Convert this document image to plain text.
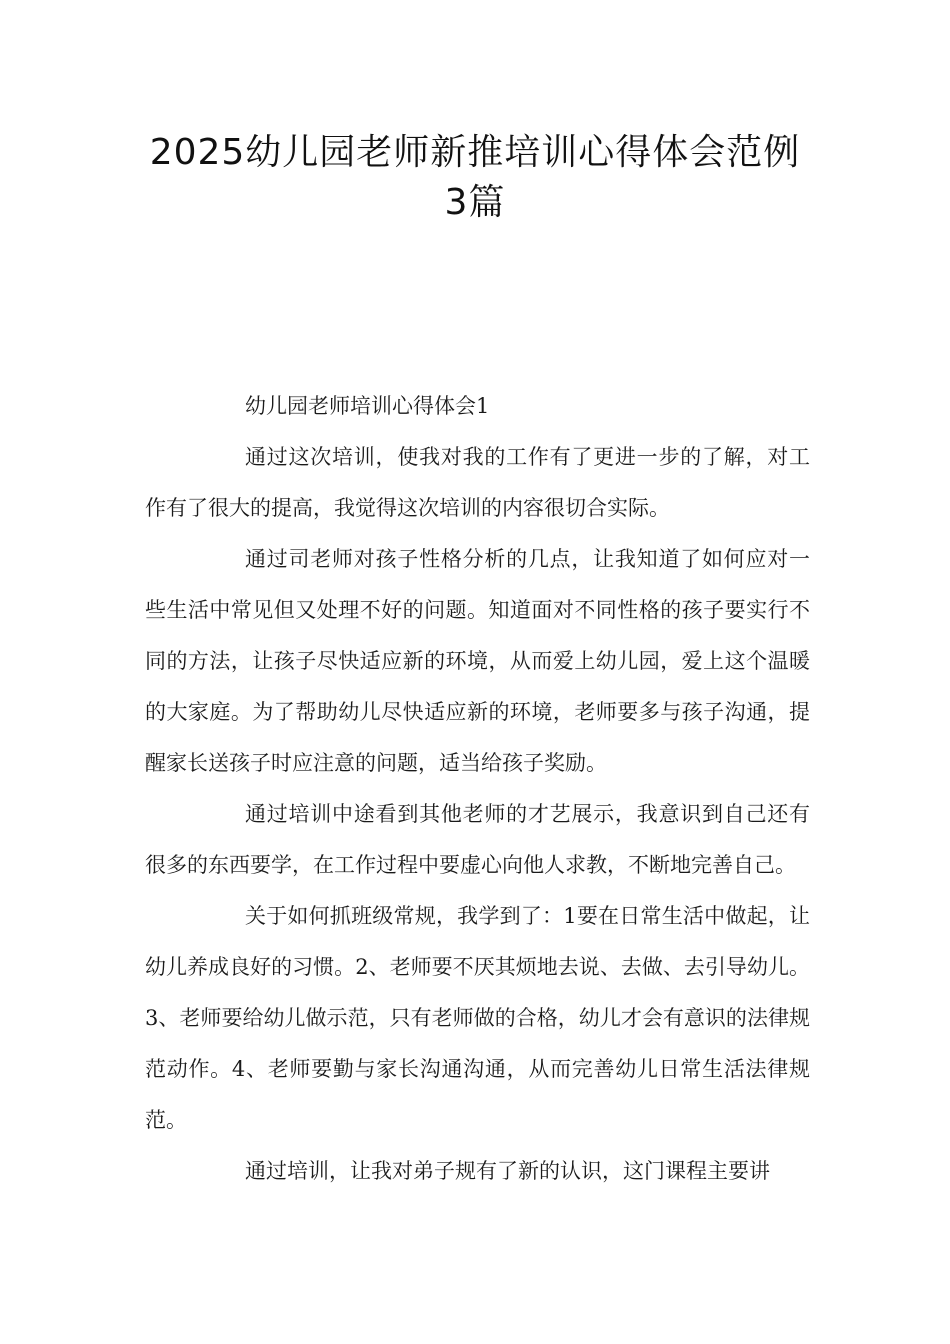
2025幼儿园老师新推培训心得体会范例
3篇

幼儿园老师培训心得体会1

通过这次培训，使我对我的工作有了更进一步的了解，对工作有了很大的提高，我觉得这次培训的内容很切合实际。

通过司老师对孩子性格分析的几点，让我知道了如何应对一些生活中常见但又处理不好的问题。知道面对不同性格的孩子要实行不同的方法，让孩子尽快适应新的环境，从而爱上幼儿园，爱上这个温暖的大家庭。为了帮助幼儿尽快适应新的环境，老师要多与孩子沟通，提醒家长送孩子时应注意的问题，适当给孩子奖励。

通过培训中途看到其他老师的才艺展示，我意识到自己还有很多的东西要学，在工作过程中要虚心向他人求教，不断地完善自己。

关于如何抓班级常规，我学到了：1要在日常生活中做起，让幼儿养成良好的习惯。2、老师要不厌其烦地去说、去做、去引导幼儿。3、老师要给幼儿做示范，只有老师做的合格，幼儿才会有意识的法律规范动作。4、老师要勤与家长沟通沟通，从而完善幼儿日常生活法律规范。

通过培训，让我对弟子规有了新的认识，这门课程主要讲
